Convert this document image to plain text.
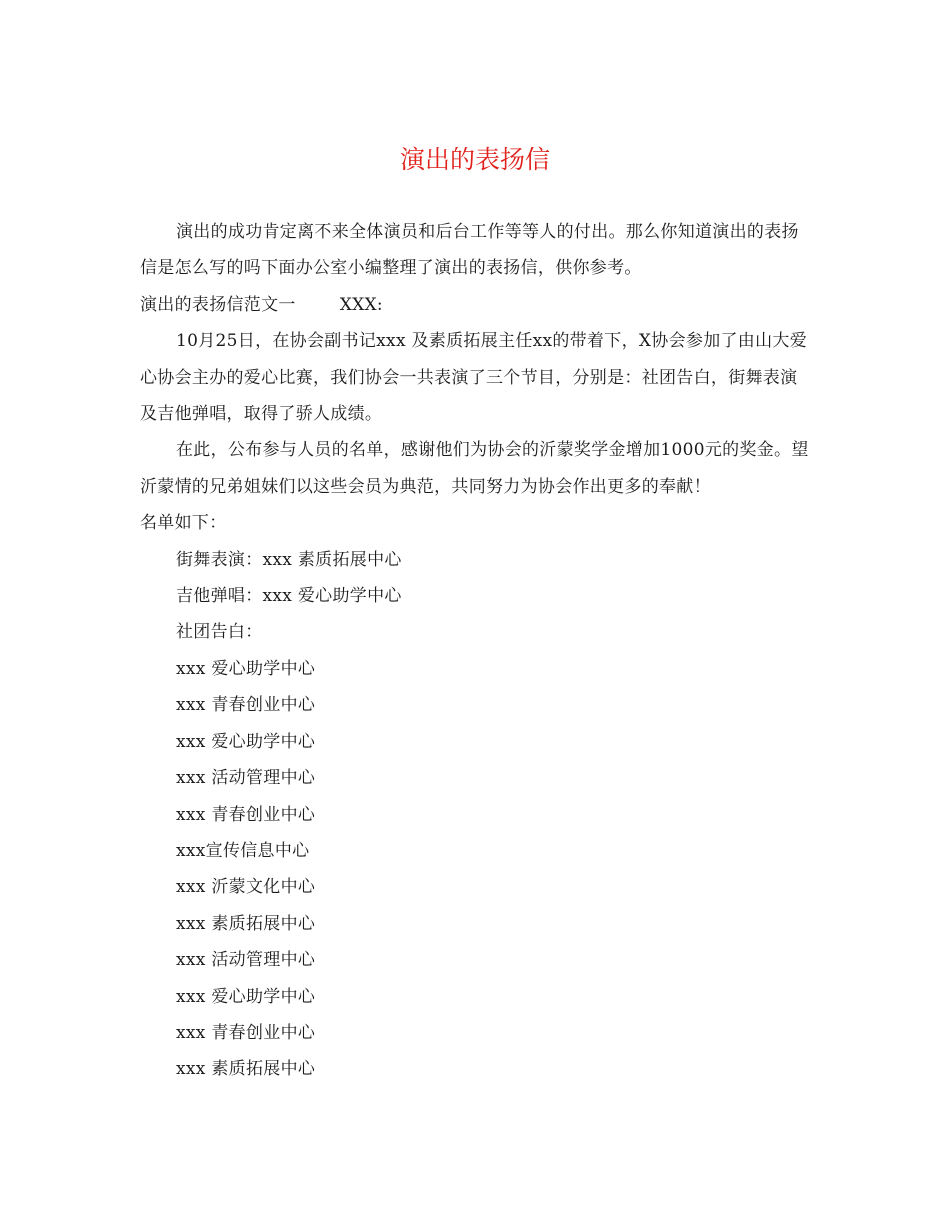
演出的表扬信

演出的成功肯定离不来全体演员和后台工作等等人的付出。那么你知道演出的表扬信是怎么写的吗下面办公室小编整理了演出的表扬信，供你参考。

演出的表扬信范文一	XXX:

10月25日，在协会副书记xxx 及素质拓展主任xx的带着下，X协会参加了由山大爱心协会主办的爱心比赛，我们协会一共表演了三个节目，分别是：社团告白，街舞表演及吉他弹唱，取得了骄人成绩。

在此，公布参与人员的名单，感谢他们为协会的沂蒙奖学金增加1000元的奖金。望沂蒙情的兄弟姐妹们以这些会员为典范，共同努力为协会作出更多的奉献！

名单如下：

街舞表演：xxx 素质拓展中心

吉他弹唱：xxx 爱心助学中心

社团告白：

xxx 爱心助学中心

xxx 青春创业中心

xxx 爱心助学中心

xxx 活动管理中心

xxx 青春创业中心

xxx宣传信息中心

xxx 沂蒙文化中心

xxx 素质拓展中心

xxx 活动管理中心

xxx 爱心助学中心

xxx 青春创业中心

xxx 素质拓展中心
